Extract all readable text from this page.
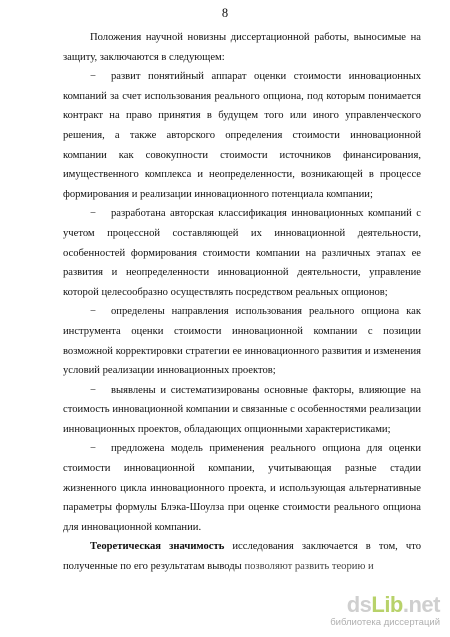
8

Положения научной новизны диссертационной работы, выносимые на защиту, заключаются в следующем:

− развит понятийный аппарат оценки стоимости инновационных компаний за счет использования реального опциона, под которым понимается контракт на право принятия в будущем того или иного управленческого решения, а также авторского определения стоимости инновационной компании как совокупности стоимости источников финансирования, имущественного комплекса и неопределенности, возникающей в процессе формирования и реализации инновационного потенциала компании;

− разработана авторская классификация инновационных компаний с учетом процессной составляющей их инновационной деятельности, особенностей формирования стоимости компании на различных этапах ее развития и неопределенности инновационной деятельности, управление которой целесообразно осуществлять посредством реальных опционов;

− определены направления использования реального опциона как инструмента оценки стоимости инновационной компании с позиции возможной корректировки стратегии ее инновационного развития и изменения условий реализации инновационных проектов;

− выявлены и систематизированы основные факторы, влияющие на стоимость инновационной компании и связанные с особенностями реализации инновационных проектов, обладающих опционными характеристиками;

− предложена модель применения реального опциона для оценки стоимости инновационной компании, учитывающая разные стадии жизненного цикла инновационного проекта, и использующая альтернативные параметры формулы Блэка-Шоулза при оценке стоимости реального опциона для инновационной компании.

Теоретическая значимость исследования заключается в том, что полученные по его результатам выводы позволяют развить теорию и

dsLib.net
библиотека диссертаций
